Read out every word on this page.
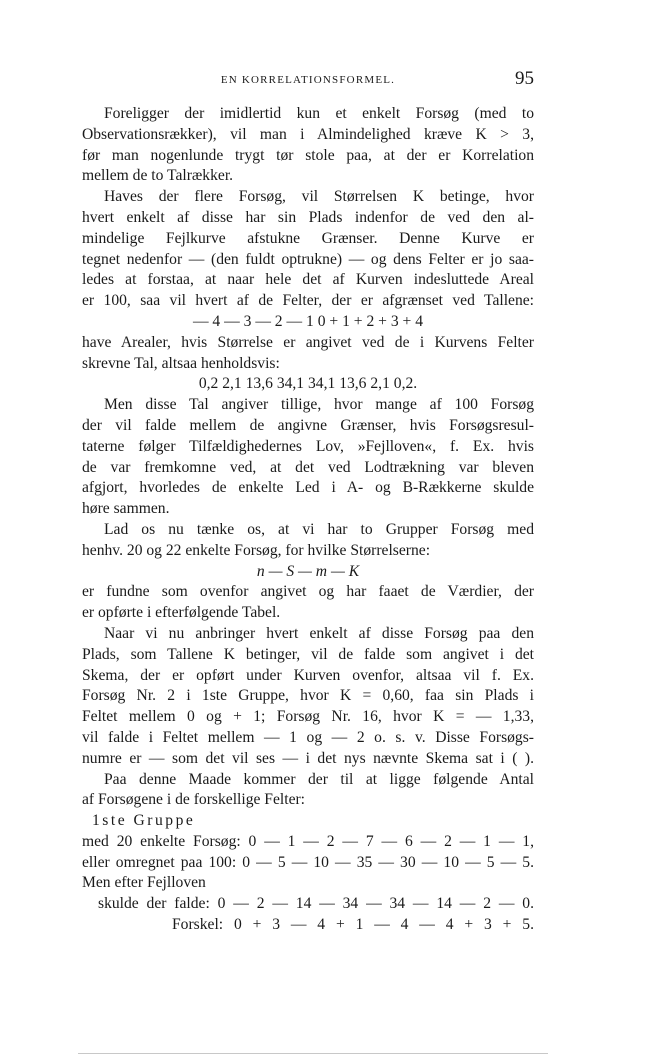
EN KORRELATIONSFORMEL.	95
Foreligger der imidlertid kun et enkelt Forsøg (med to
Observationsrækker), vil man i Almindelighed kræve K > 3,
før man nogenlunde trygt tør stole paa, at der er Korrelation
mellem de to Talrækker.
Haves der flere Forsøg, vil Størrelsen K betinge, hvor
hvert enkelt af disse har sin Plads indenfor de ved den al-
mindelige Fejlkurve afstukne Grænser. Denne Kurve er
tegnet nedenfor — (den fuldt optrukne) — og dens Felter er jo saa-
ledes at forstaa, at naar hele det af Kurven indesluttede Areal
er 100, saa vil hvert af de Felter, der er afgrænset ved Tallene:
— 4 — 3 — 2 — 1 0 + 1 + 2 + 3 + 4
have Arealer, hvis Størrelse er angivet ved de i Kurvens Felter
skrevne Tal, altsaa henholdsvis:
0,2 2,1 13,6 34,1 34,1 13,6 2,1 0,2.
Men disse Tal angiver tillige, hvor mange af 100 Forsøg
der vil falde mellem de angivne Grænser, hvis Forsøgsresul-
taterne følger Tilfældighedernes Lov, »Fejlloven«, f. Ex. hvis
de var fremkomne ved, at det ved Lodtrækning var bleven
afgjort, hvorledes de enkelte Led i A- og B-Rækkerne skulde
høre sammen.
Lad os nu tænke os, at vi har to Grupper Forsøg med
henhv. 20 og 22 enkelte Forsøg, for hvilke Størrelserne:
n — S — m — K
er fundne som ovenfor angivet og har faaet de Værdier, der
er opførte i efterfølgende Tabel.
Naar vi nu anbringer hvert enkelt af disse Forsøg paa den
Plads, som Tallene K betinger, vil de falde som angivet i det
Skema, der er opført under Kurven ovenfor, altsaa vil f. Ex.
Forsøg Nr. 2 i 1ste Gruppe, hvor K = 0,60, faa sin Plads i
Feltet mellem 0 og + 1; Forsøg Nr. 16, hvor K = — 1,33,
vil falde i Feltet mellem — 1 og — 2 o. s. v. Disse Forsøgs-
numre er — som det vil ses — i det nys nævnte Skema sat i ( ).
Paa denne Maade kommer der til at ligge følgende Antal
af Forsøgene i de forskellige Felter:
1ste Gruppe
med 20 enkelte Forsøg: 0 — 1 — 2 — 7 — 6 — 2 — 1 — 1,
eller omregnet paa 100: 0 — 5 — 10 — 35 — 30 — 10 — 5 — 5.
Men efter Fejlloven
skulde der falde: 0 — 2 — 14 — 34 — 34 — 14 — 2 — 0.
Forskel: 0 + 3 — 4 + 1 — 4 — 4 + 3 + 5.
